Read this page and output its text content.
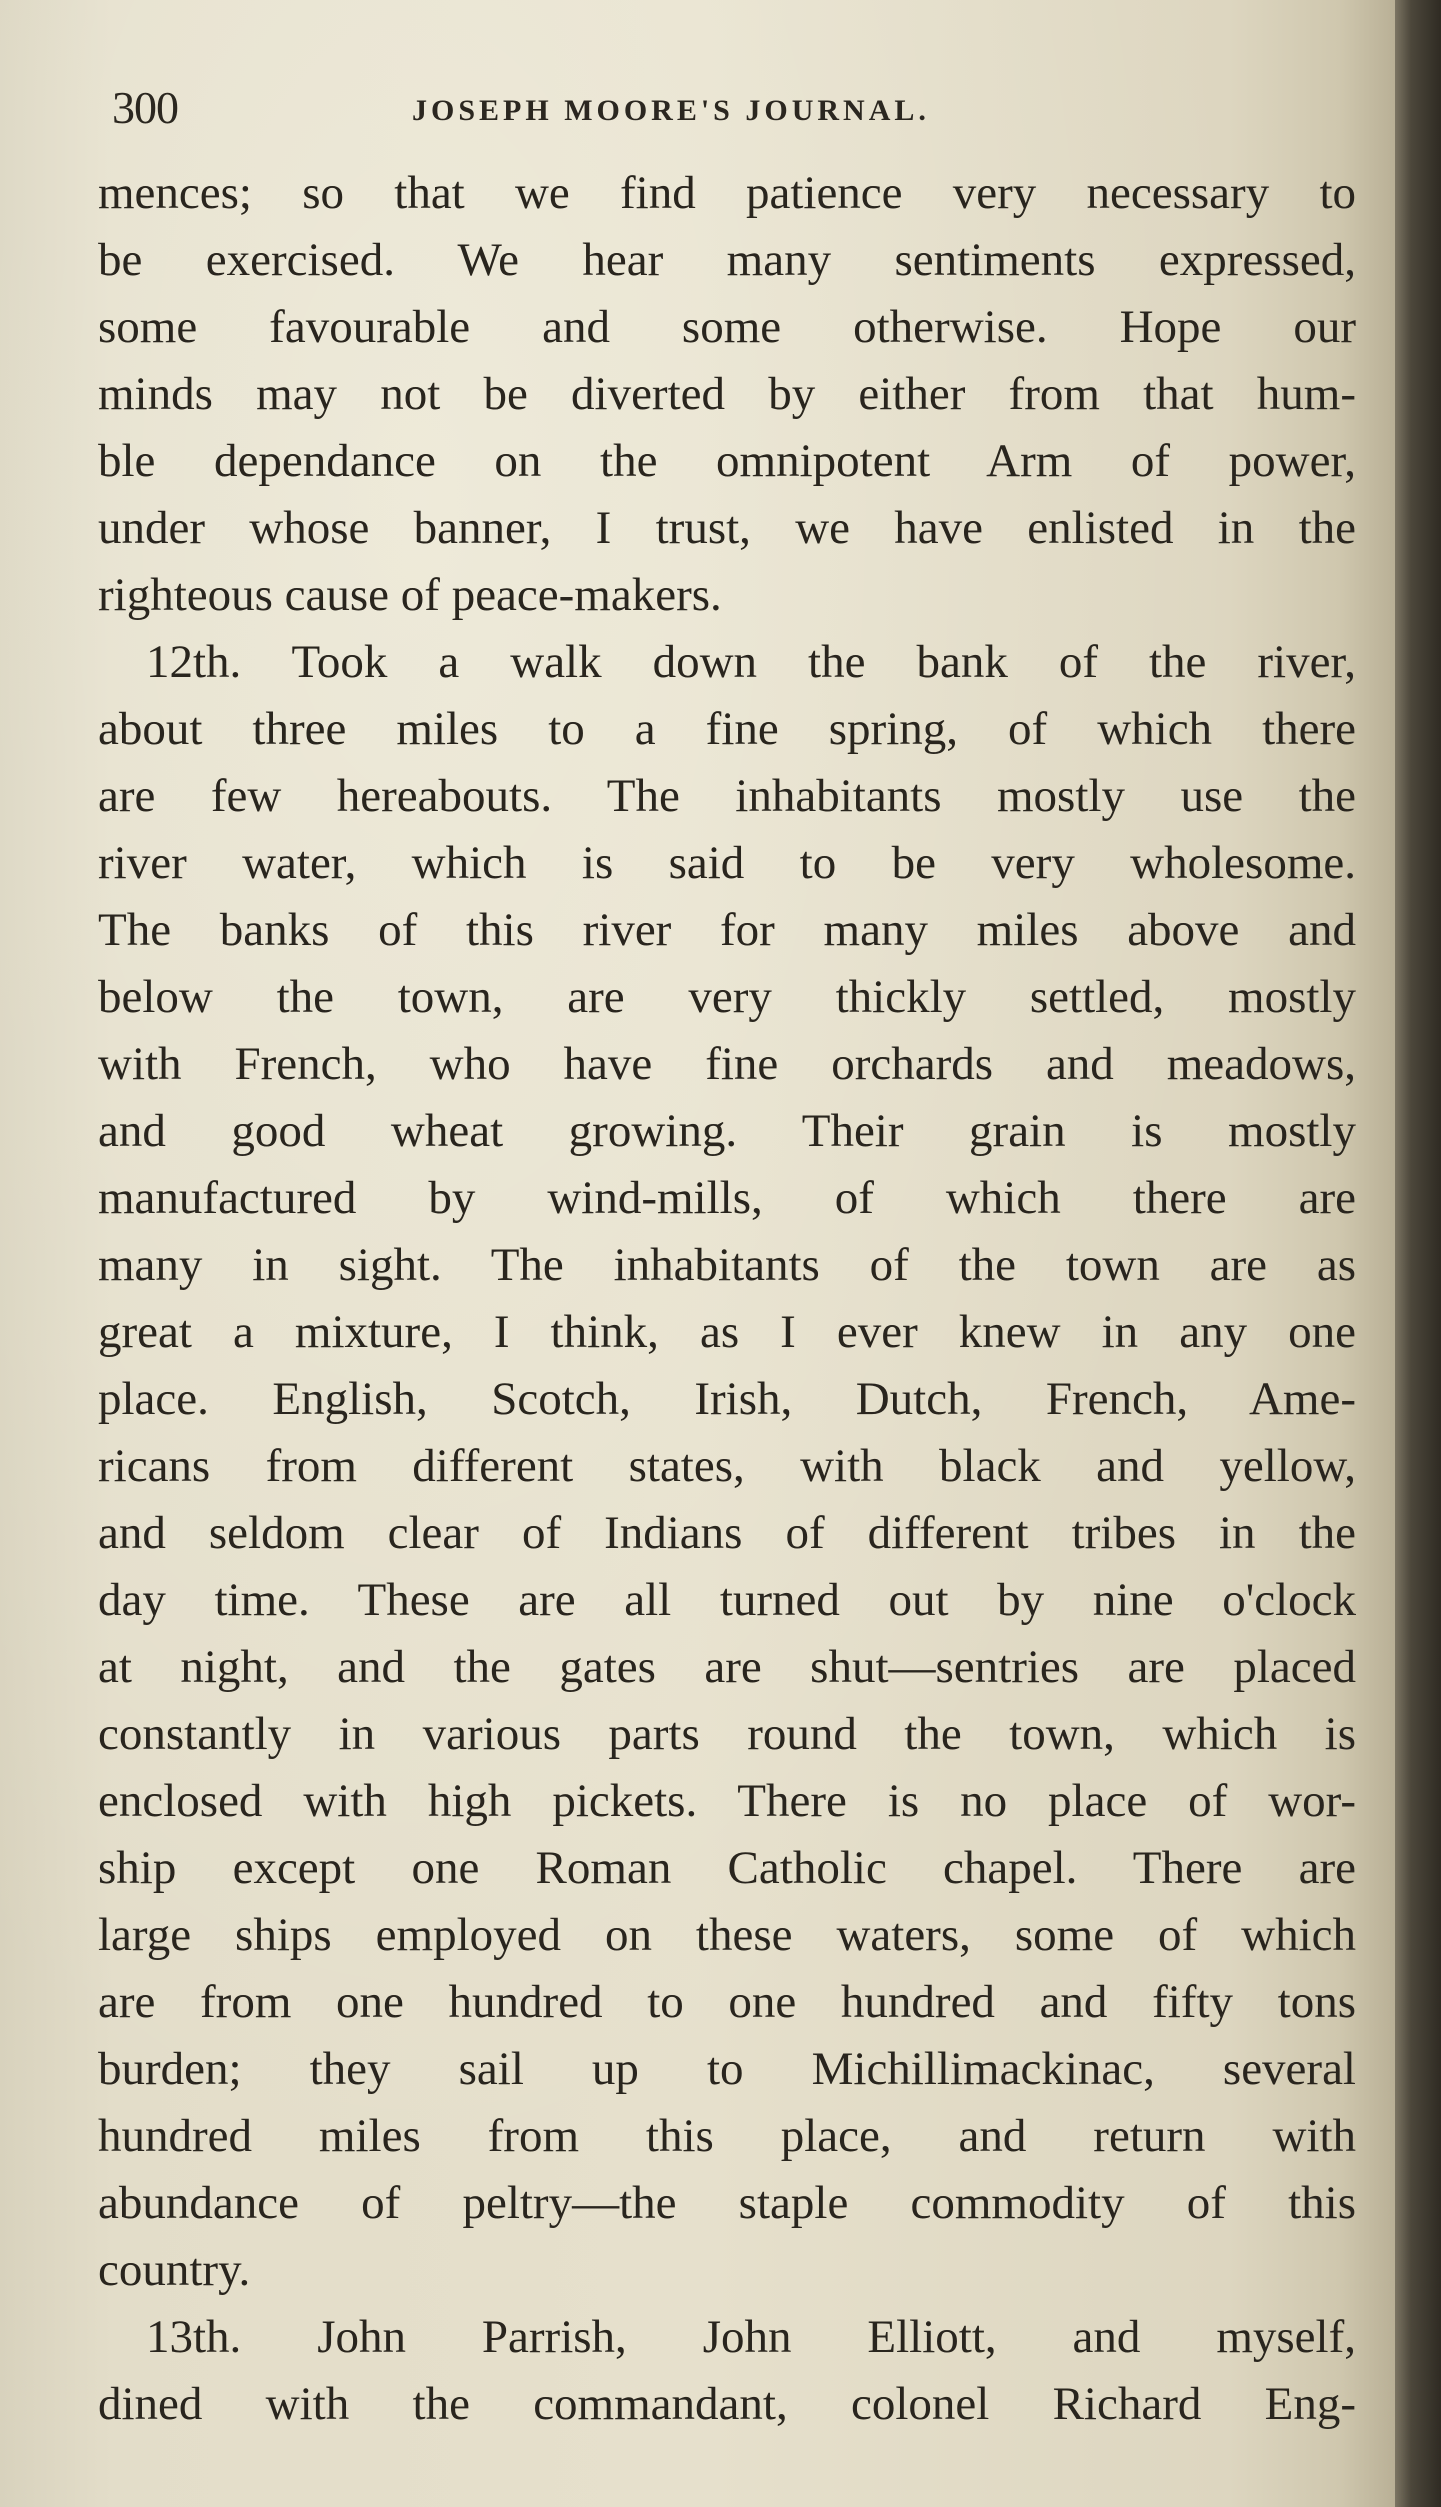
300	JOSEPH MOORE'S JOURNAL.
mences; so that we find patience very necessary to
be exercised. We hear many sentiments expressed,
some favourable and some otherwise. Hope our
minds may not be diverted by either from that hum-
ble dependance on the omnipotent Arm of power,
under whose banner, I trust, we have enlisted in the
righteous cause of peace-makers.
12th. Took a walk down the bank of the river,
about three miles to a fine spring, of which there
are few hereabouts. The inhabitants mostly use the
river water, which is said to be very wholesome.
The banks of this river for many miles above and
below the town, are very thickly settled, mostly
with French, who have fine orchards and meadows,
and good wheat growing. Their grain is mostly
manufactured by wind-mills, of which there are
many in sight. The inhabitants of the town are as
great a mixture, I think, as I ever knew in any one
place. English, Scotch, Irish, Dutch, French, Ame-
ricans from different states, with black and yellow,
and seldom clear of Indians of different tribes in the
day time. These are all turned out by nine o'clock
at night, and the gates are shut—sentries are placed
constantly in various parts round the town, which is
enclosed with high pickets. There is no place of wor-
ship except one Roman Catholic chapel. There are
large ships employed on these waters, some of which
are from one hundred to one hundred and fifty tons
burden; they sail up to Michillimackinac, several
hundred miles from this place, and return with
abundance of peltry—the staple commodity of this
country.
13th. John Parrish, John Elliott, and myself,
dined with the commandant, colonel Richard Eng-
